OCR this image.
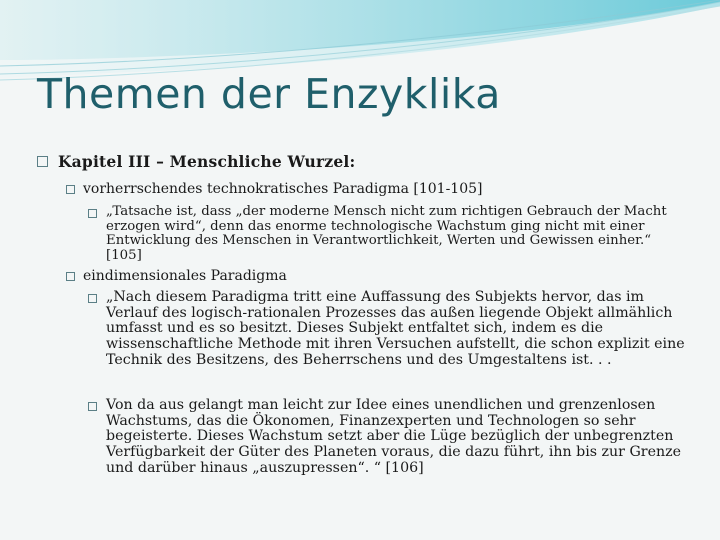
Themen der Enzyklika
Kapitel III – Menschliche Wurzel:
vorherrschendes technokratisches Paradigma [101-105]
„Tatsache ist, dass „der moderne Mensch nicht zum richtigen Gebrauch der Macht erzogen wird“, denn das enorme technologische Wachstum ging nicht mit einer Entwicklung des Menschen in Verantwortlichkeit, Werten und Gewissen einher.“ [105]
eindimensionales Paradigma
„Nach diesem Paradigma tritt eine Auffassung des Subjekts hervor, das im Verlauf des logisch-rationalen Prozesses das außen liegende Objekt allmählich umfasst und es so besitzt. Dieses Subjekt entfaltet sich, indem es die wissenschaftliche Methode mit ihren Versuchen aufstellt, die schon explizit eine Technik des Besitzens, des Beherrschens und des Umgestaltens ist. . .
Von da aus gelangt man leicht zur Idee eines unendlichen und grenzenlosen Wachstums, das die Ökonomen, Finanzexperten und Technologen so sehr begeisterte. Dieses Wachstum setzt aber die Lüge bezüglich der unbegrenzten Verfügbarkeit der Güter des Planeten voraus, die dazu führt, ihn bis zur Grenze und darüber hinaus „auszupressen“. “ [106]
